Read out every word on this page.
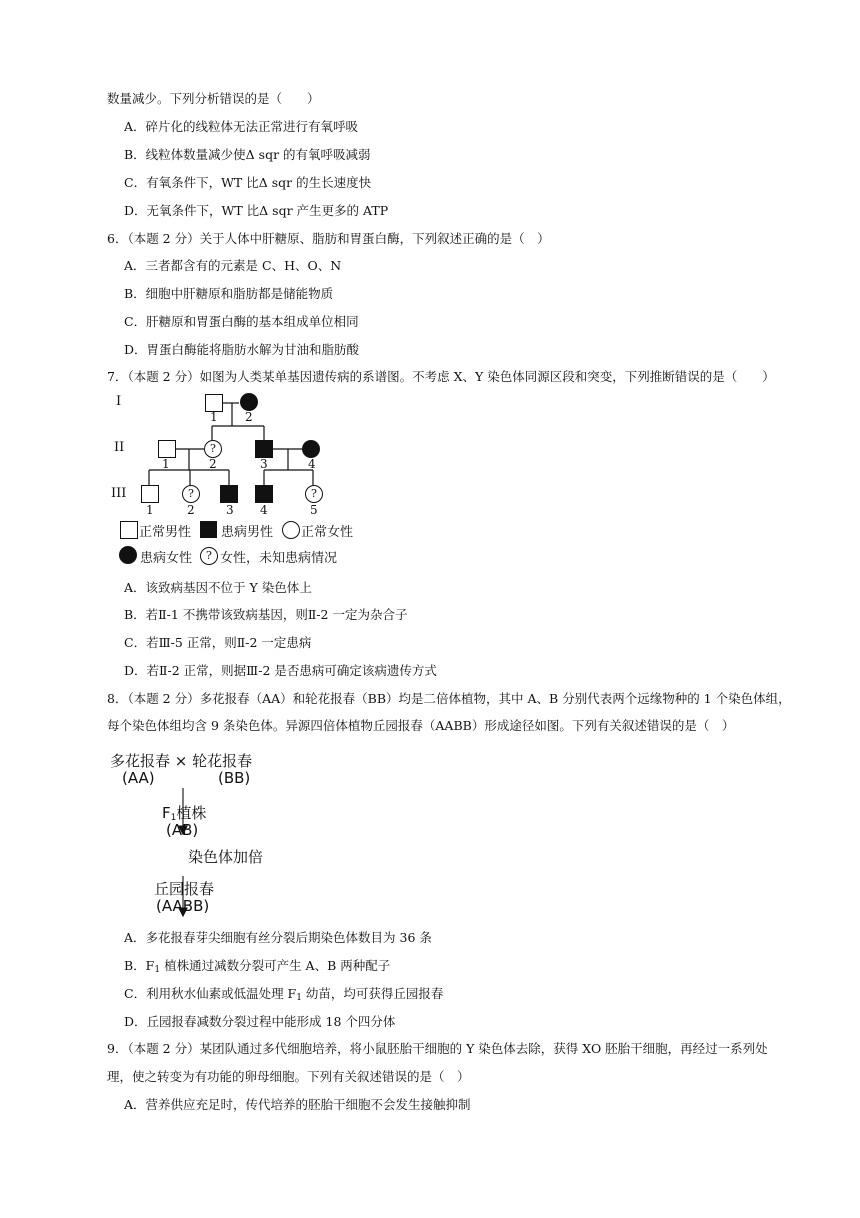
数量减少。下列分析错误的是（　　）
A．碎片化的线粒体无法正常进行有氧呼吸
B．线粒体数量减少使Δ sqr 的有氧呼吸减弱
C．有氧条件下，WT 比Δ sqr 的生长速度快
D．无氧条件下，WT 比Δ sqr 产生更多的 ATP
6．（本题 2 分）关于人体中肝糖原、脂肪和胃蛋白酶，下列叙述正确的是（　）
A．三者都含有的元素是 C、H、O、N
B．细胞中肝糖原和脂肪都是储能物质
C．肝糖原和胃蛋白酶的基本组成单位相同
D．胃蛋白酶能将脂肪水解为甘油和脂肪酸
7．（本题 2 分）如图为人类某单基因遗传病的系谱图。不考虑 X、Y 染色体同源区段和突变，下列推断错误的是（　　）
I
II
III
1 2
?
1	2	3	4
?	?
1	2	3 4	5
正常男性 患病男性 正常女性
患病女性	? 女性，未知患病情况
A．该致病基因不位于 Y 染色体上
B．若Ⅱ-1 不携带该致病基因，则Ⅱ-2 一定为杂合子
C．若Ⅲ-5 正常，则Ⅱ-2 一定患病
D．若Ⅱ-2 正常，则据Ⅲ-2 是否患病可确定该病遗传方式
8．（本题 2 分）多花报春（AA）和轮花报春（BB）均是二倍体植物，其中 A、B 分别代表两个远缘物种的 1 个染色体组，
每个染色体组均含 9 条染色体。异源四倍体植物丘园报春（AABB）形成途径如图。下列有关叙述错误的是（　）
多花报春 × 轮花报春
(AA)	(BB)
$F_1$植株
(AB)
染色体加倍
丘园报春
(AABB)
A．多花报春芽尖细胞有丝分裂后期染色体数目为 36 条
B．$F_1$ 植株通过减数分裂可产生 A、B 两种配子
C．利用秋水仙素或低温处理 $F_1$ 幼苗，均可获得丘园报春
D．丘园报春减数分裂过程中能形成 18 个四分体
9．（本题 2 分）某团队通过多代细胞培养，将小鼠胚胎干细胞的 Y 染色体去除，获得 XO 胚胎干细胞，再经过一系列处
理，使之转变为有功能的卵母细胞。下列有关叙述错误的是（　）
A．营养供应充足时，传代培养的胚胎干细胞不会发生接触抑制
